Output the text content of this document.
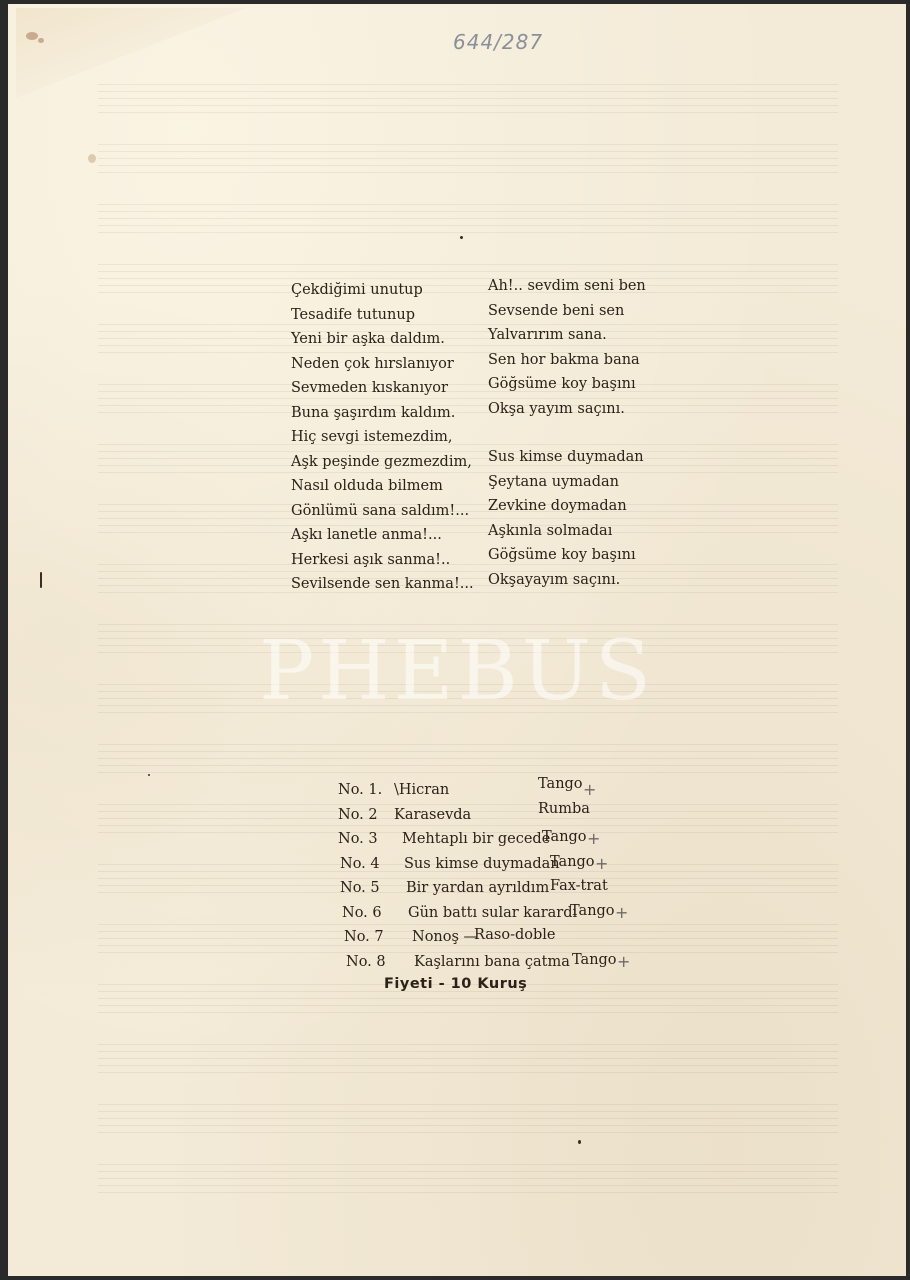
644/287
Çekdiğimi unutup
Tesadife tutunup
Yeni bir aşka daldım.
Neden çok hırslanıyor
Sevmeden kıskanıyor
Buna şaşırdım kaldım.
Hiç sevgi istemezdim,
Aşk peşinde gezmezdim,
Nasıl olduda bilmem
Gönlümü sana saldım!...
Aşkı lanetle anma!...
Herkesi aşık sanma!..
Sevilsende sen kanma!...
Ah!.. sevdim seni ben
Sevsende beni sen
Yalvarırım sana.
Sen hor bakma bana
Göğsüme koy başını
Okşa yayım saçını.
Sus kimse duymadan
Şeytana uymadan
Zevkine doymadan
Aşkınla solmadaı
Göğsüme koy başını
Okşayayım saçını.
PHEBUS
No. 1. \Hicran	Tango +
No. 2 Karasevda	Rumba
No. 3 Mehtaplı bir gecede
Tango +
No. 4 Sus kimse duymadan
Tango +
No. 5 Bir yardan ayrıldım Fax-trat
No. 6 Gün battı sular karardı
Tango +
No. 7 Nonoş —
Raso-doble
No. 8 Kaşlarını bana çatma Tango +
Fiyeti - 10 Kuruş
